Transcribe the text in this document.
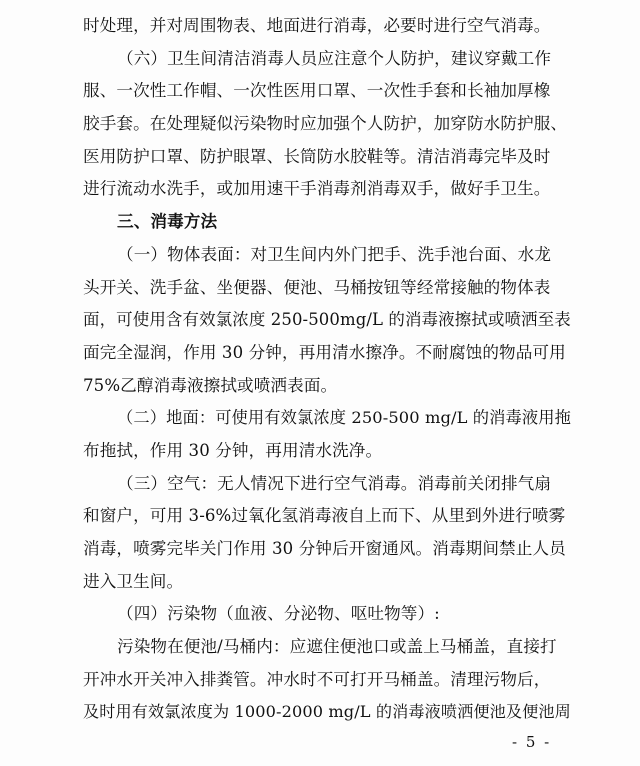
时处理，并对周围物表、地面进行消毒，必要时进行空气消毒。
（六）卫生间清洁消毒人员应注意个人防护，建议穿戴工作
服、一次性工作帽、一次性医用口罩、一次性手套和长袖加厚橡
胶手套。在处理疑似污染物时应加强个人防护，加穿防水防护服、
医用防护口罩、防护眼罩、长筒防水胶鞋等。清洁消毒完毕及时
进行流动水洗手，或加用速干手消毒剂消毒双手，做好手卫生。
三、消毒方法
（一）物体表面：对卫生间内外门把手、洗手池台面、水龙
头开关、洗手盆、坐便器、便池、马桶按钮等经常接触的物体表
面，可使用含有效氯浓度 250-500mg/L 的消毒液擦拭或喷洒至表
面完全湿润，作用 30 分钟，再用清水擦净。不耐腐蚀的物品可用
75%乙醇消毒液擦拭或喷洒表面。
（二）地面：可使用有效氯浓度 250-500 mg/L 的消毒液用拖
布拖拭，作用 30 分钟，再用清水洗净。
（三）空气：无人情况下进行空气消毒。消毒前关闭排气扇
和窗户，可用 3-6%过氧化氢消毒液自上而下、从里到外进行喷雾
消毒，喷雾完毕关门作用 30 分钟后开窗通风。消毒期间禁止人员
进入卫生间。
（四）污染物（血液、分泌物、呕吐物等）:
污染物在便池/马桶内：应遮住便池口或盖上马桶盖，直接打
开冲水开关冲入排粪管。冲水时不可打开马桶盖。清理污物后，
及时用有效氯浓度为 1000-2000 mg/L 的消毒液喷洒便池及便池周
- 5 -
